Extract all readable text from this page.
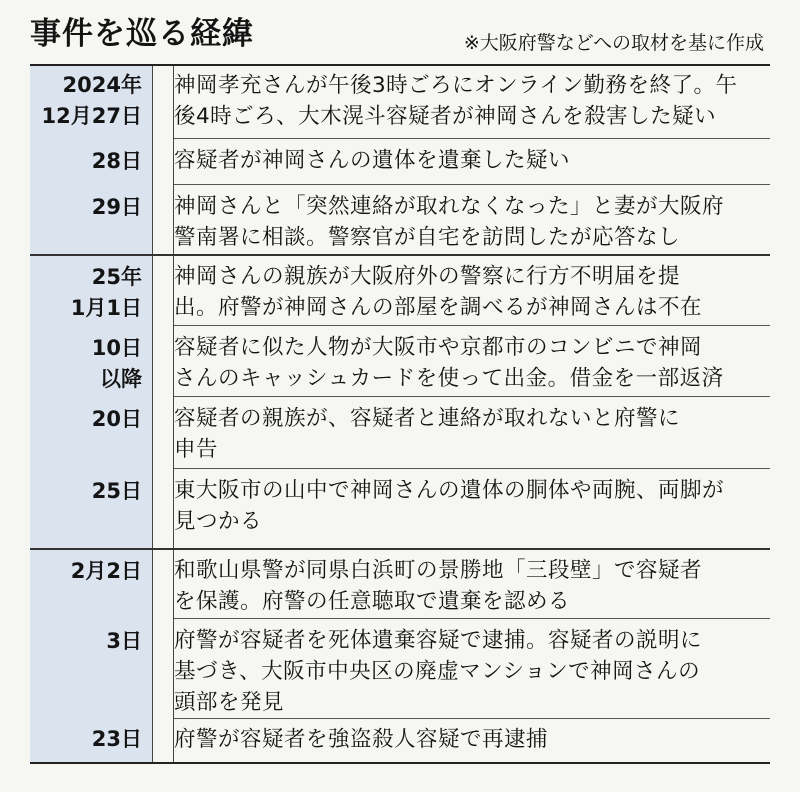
事件を巡る経緯	※大阪府警などへの取材を基に作成
2024年
12月27日
神岡孝充さんが午後3時ごろにオンライン勤務を終了。午
後4時ごろ、大木滉斗容疑者が神岡さんを殺害した疑い
28日 容疑者が神岡さんの遺体を遺棄した疑い
29日 神岡さんと「突然連絡が取れなくなった」と妻が大阪府
警南署に相談。警察官が自宅を訪問したが応答なし
25年
1月1日
神岡さんの親族が大阪府外の警察に行方不明届を提
出。府警が神岡さんの部屋を調べるが神岡さんは不在
10日
以降
容疑者に似た人物が大阪市や京都市のコンビニで神岡
さんのキャッシュカードを使って出金。借金を一部返済
20日 容疑者の親族が、容疑者と連絡が取れないと府警に
申告
25日 東大阪市の山中で神岡さんの遺体の胴体や両腕、両脚が
見つかる
2月2日 和歌山県警が同県白浜町の景勝地「三段壁」で容疑者
を保護。府警の任意聴取で遺棄を認める
3日 府警が容疑者を死体遺棄容疑で逮捕。容疑者の説明に
基づき、大阪市中央区の廃虚マンションで神岡さんの
頭部を発見
23日 府警が容疑者を強盗殺人容疑で再逮捕
